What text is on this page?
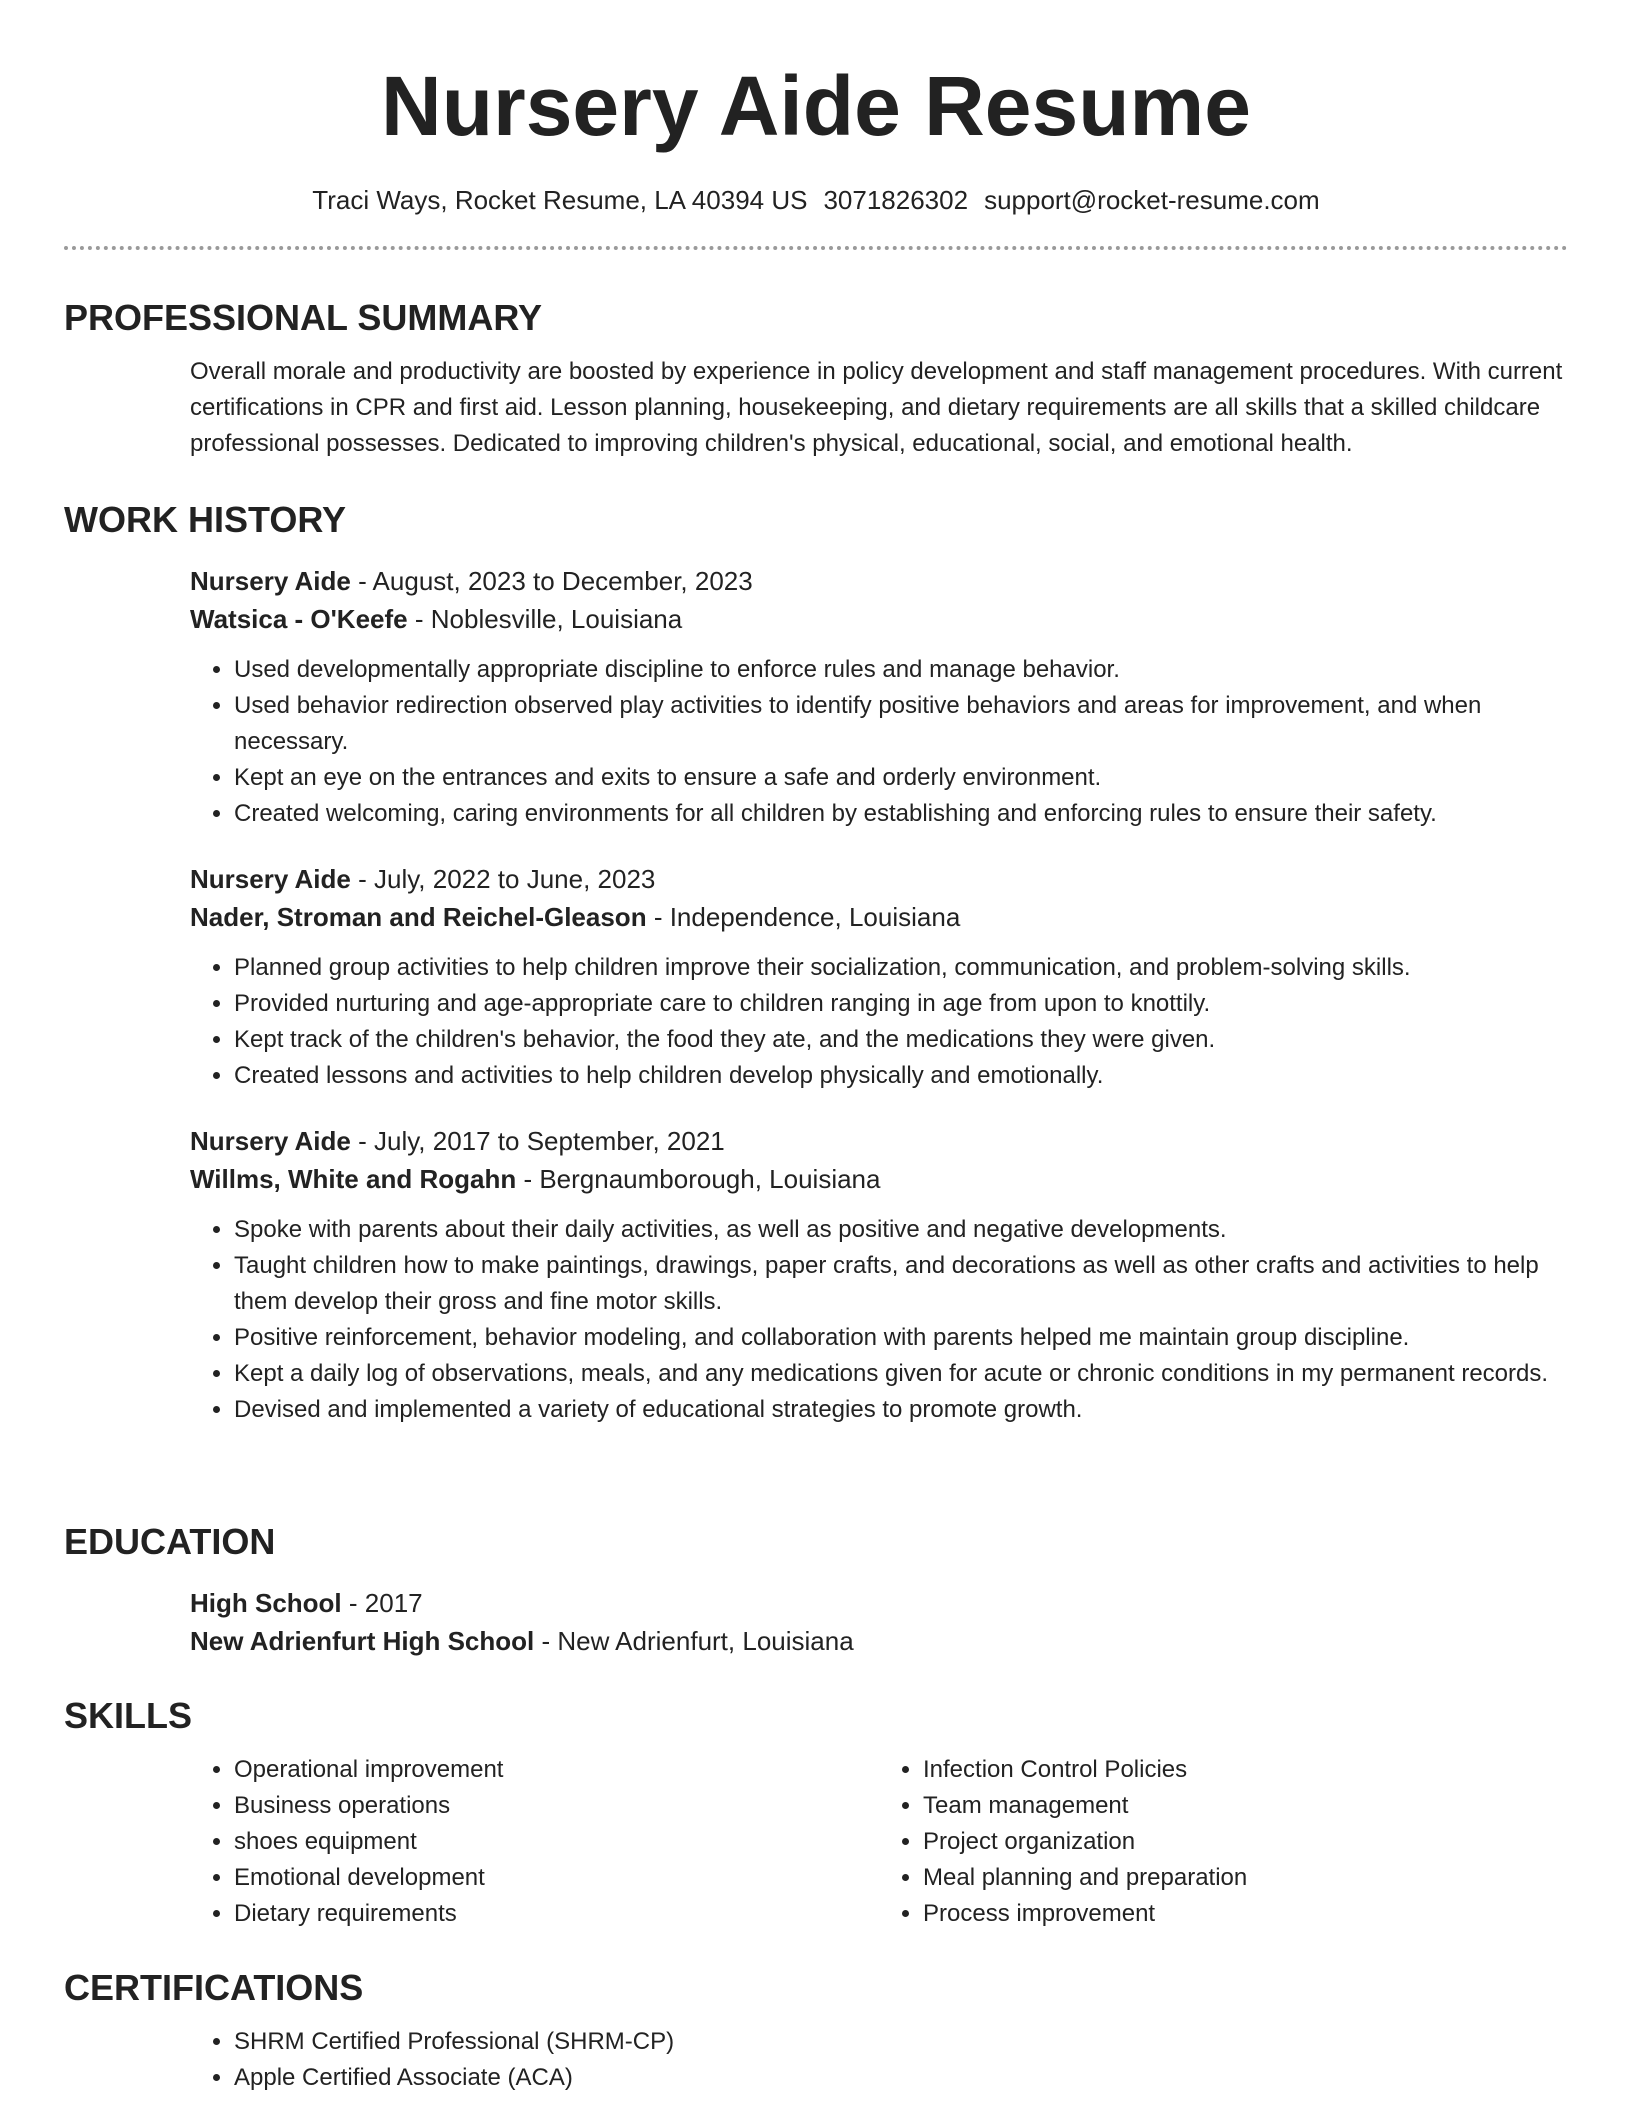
Nursery Aide Resume
Traci Ways, Rocket Resume, LA 40394 US 3071826302 support@rocket-resume.com
PROFESSIONAL SUMMARY

Overall morale and productivity are boosted by experience in policy development and staff management procedures. With current certifications in CPR and first aid. Lesson planning, housekeeping, and dietary requirements are all skills that a skilled childcare professional possesses. Dedicated to improving children's physical, educational, social, and emotional health.

WORK HISTORY
Nursery Aide - August, 2023 to December, 2023
Watsica - O'Keefe - Noblesville, Louisiana
• Used developmentally appropriate discipline to enforce rules and manage behavior.
• Used behavior redirection observed play activities to identify positive behaviors and areas for improvement, and when necessary.
• Kept an eye on the entrances and exits to ensure a safe and orderly environment.
• Created welcoming, caring environments for all children by establishing and enforcing rules to ensure their safety.
Nursery Aide - July, 2022 to June, 2023
Nader, Stroman and Reichel-Gleason - Independence, Louisiana
• Planned group activities to help children improve their socialization, communication, and problem-solving skills.
• Provided nurturing and age-appropriate care to children ranging in age from upon to knottily.
• Kept track of the children's behavior, the food they ate, and the medications they were given.
• Created lessons and activities to help children develop physically and emotionally.
Nursery Aide - July, 2017 to September, 2021
Willms, White and Rogahn - Bergnaumborough, Louisiana
• Spoke with parents about their daily activities, as well as positive and negative developments.
• Taught children how to make paintings, drawings, paper crafts, and decorations as well as other crafts and activities to help them develop their gross and fine motor skills.
• Positive reinforcement, behavior modeling, and collaboration with parents helped me maintain group discipline.
• Kept a daily log of observations, meals, and any medications given for acute or chronic conditions in my permanent records.
• Devised and implemented a variety of educational strategies to promote growth.
EDUCATION
High School - 2017
New Adrienfurt High School - New Adrienfurt, Louisiana
SKILLS
• Operational improvement
• Business operations
• shoes equipment
• Emotional development
• Dietary requirements
• Infection Control Policies
• Team management
• Project organization
• Meal planning and preparation
• Process improvement
CERTIFICATIONS
• SHRM Certified Professional (SHRM-CP)
• Apple Certified Associate (ACA)
